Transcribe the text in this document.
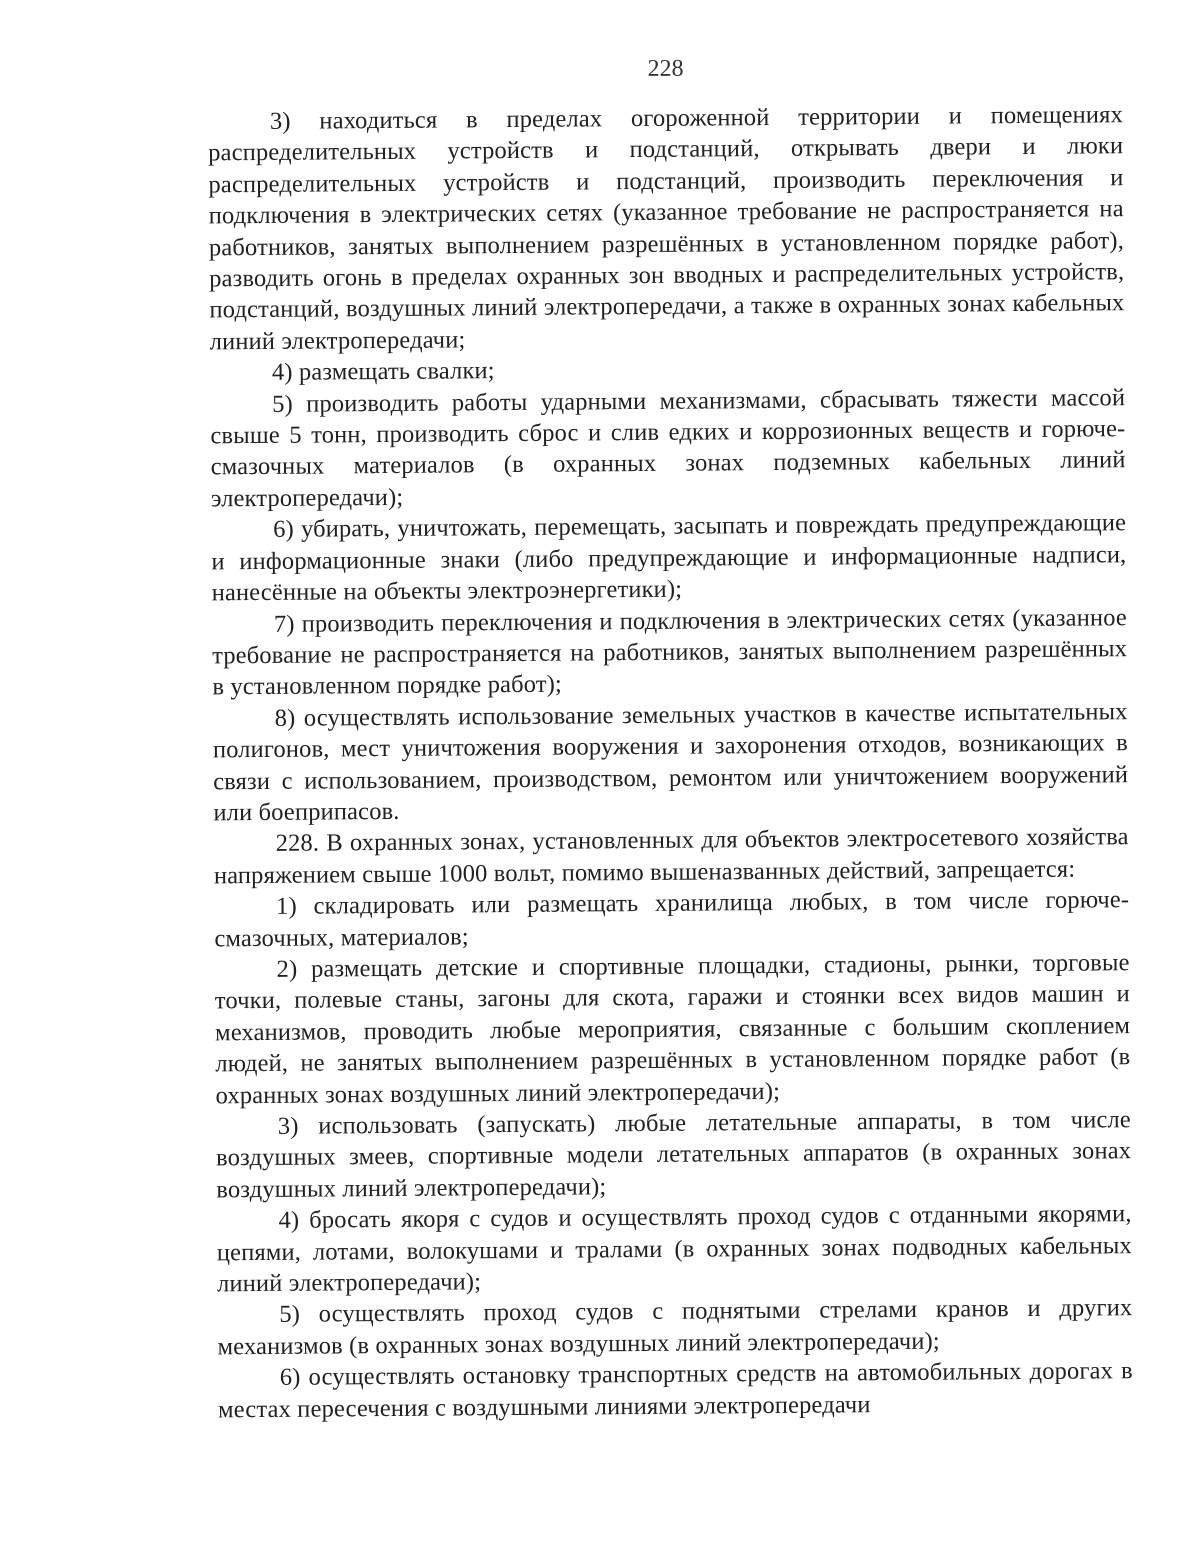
228

3) находиться в пределах огороженной территории и помещениях распределительных устройств и подстанций, открывать двери и люки распределительных устройств и подстанций, производить переключения и подключения в электрических сетях (указанное требование не распространяется на работников, занятых выполнением разрешённых в установленном порядке работ), разводить огонь в пределах охранных зон вводных и распределительных устройств, подстанций, воздушных линий электропередачи, а также в охранных зонах кабельных линий электропередачи;

4) размещать свалки;

5) производить работы ударными механизмами, сбрасывать тяжести массой свыше 5 тонн, производить сброс и слив едких и коррозионных веществ и горюче-смазочных материалов (в охранных зонах подземных кабельных линий электропередачи);

6) убирать, уничтожать, перемещать, засыпать и повреждать предупреждающие и информационные знаки (либо предупреждающие и информационные надписи, нанесённые на объекты электроэнергетики);

7) производить переключения и подключения в электрических сетях (указанное требование не распространяется на работников, занятых выполнением разрешённых в установленном порядке работ);

8) осуществлять использование земельных участков в качестве испытательных полигонов, мест уничтожения вооружения и захоронения отходов, возникающих в связи с использованием, производством, ремонтом или уничтожением вооружений или боеприпасов.

228. В охранных зонах, установленных для объектов электросетевого хозяйства напряжением свыше 1000 вольт, помимо вышеназванных действий, запрещается:

1) складировать или размещать хранилища любых, в том числе горюче-смазочных, материалов;

2) размещать детские и спортивные площадки, стадионы, рынки, торговые точки, полевые станы, загоны для скота, гаражи и стоянки всех видов машин и механизмов, проводить любые мероприятия, связанные с большим скоплением людей, не занятых выполнением разрешённых в установленном порядке работ (в охранных зонах воздушных линий электропередачи);

3) использовать (запускать) любые летательные аппараты, в том числе воздушных змеев, спортивные модели летательных аппаратов (в охранных зонах воздушных линий электропередачи);

4) бросать якоря с судов и осуществлять проход судов с отданными якорями, цепями, лотами, волокушами и тралами (в охранных зонах подводных кабельных линий электропередачи);

5) осуществлять проход судов с поднятыми стрелами кранов и других механизмов (в охранных зонах воздушных линий электропередачи);

6) осуществлять остановку транспортных средств на автомобильных дорогах в местах пересечения с воздушными линиями электропередачи
